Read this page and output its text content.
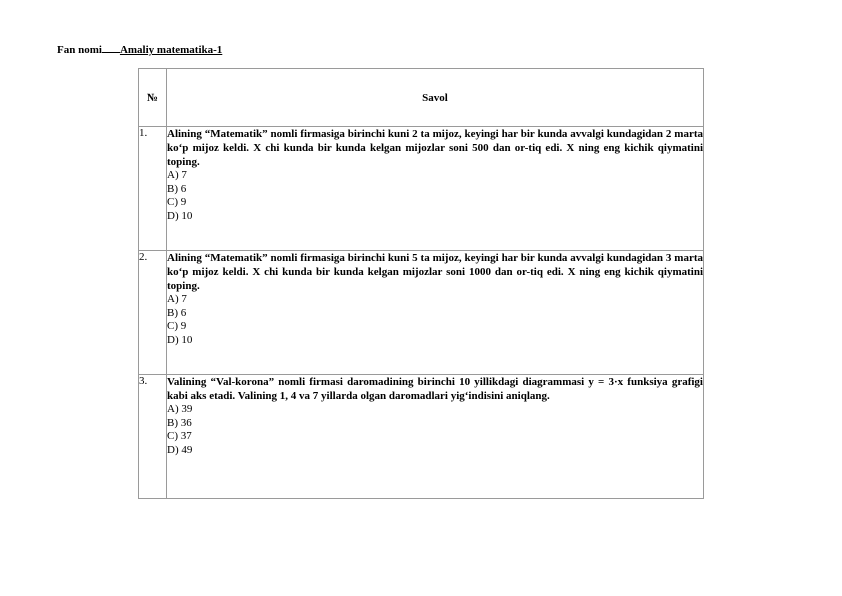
Fan nomi Amaliy matematika-1
№	Savol
1.	Alining “Matematik” nomli firmasiga birinchi kuni 2 ta mijoz, keyingi har bir kunda avvalgi kundagidan 2 marta ko‘p mijoz keldi. X chi kunda bir kunda kelgan mijozlar soni 500 dan or-tiq edi. X ning eng kichik qiymatini toping.
A) 7
B) 6
C) 9
D) 10

2.	Alining “Matematik” nomli firmasiga birinchi kuni 5 ta mijoz, keyingi har bir kunda avvalgi kundagidan 3 marta ko‘p mijoz keldi. X chi kunda bir kunda kelgan mijozlar soni 1000 dan or-tiq edi. X ning eng kichik qiymatini toping.
A) 7
B) 6
C) 9
D) 10

3.	Valining “Val-korona” nomli firmasi daromadining birinchi 10 yillikdagi diagrammasi y = 3·x funksiya grafigi kabi aks etadi. Valining 1, 4 va 7 yillarda olgan daromadlari yig‘indisini aniqlang.
A) 39
B) 36
C) 37
D) 49
